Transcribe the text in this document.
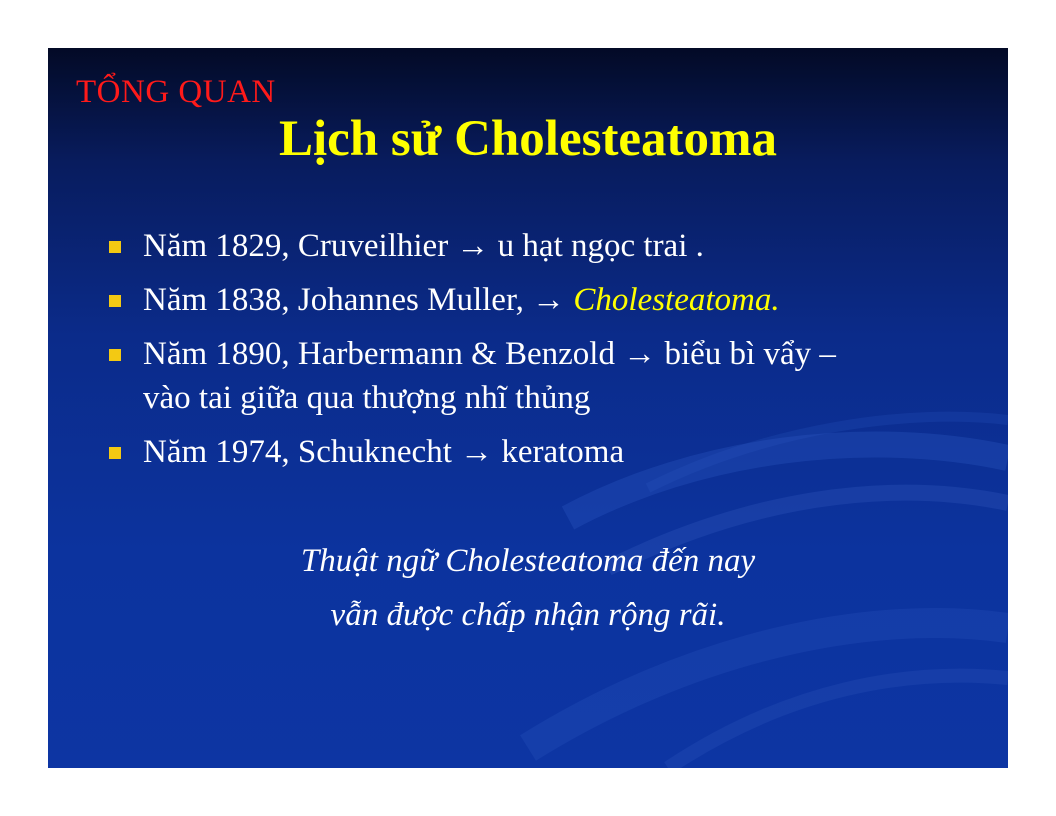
TỔNG QUAN
Lịch sử Cholesteatoma
Năm 1829, Cruveilhier → u hạt ngọc trai .
Năm 1838, Johannes Muller, → Cholesteatoma.
Năm 1890, Harbermann & Benzold → biểu bì vẩy –
vào tai giữa qua thượng nhĩ thủng
Năm 1974, Schuknecht → keratoma
Thuật ngữ Cholesteatoma đến nay
vẫn được chấp nhận rộng rãi.
